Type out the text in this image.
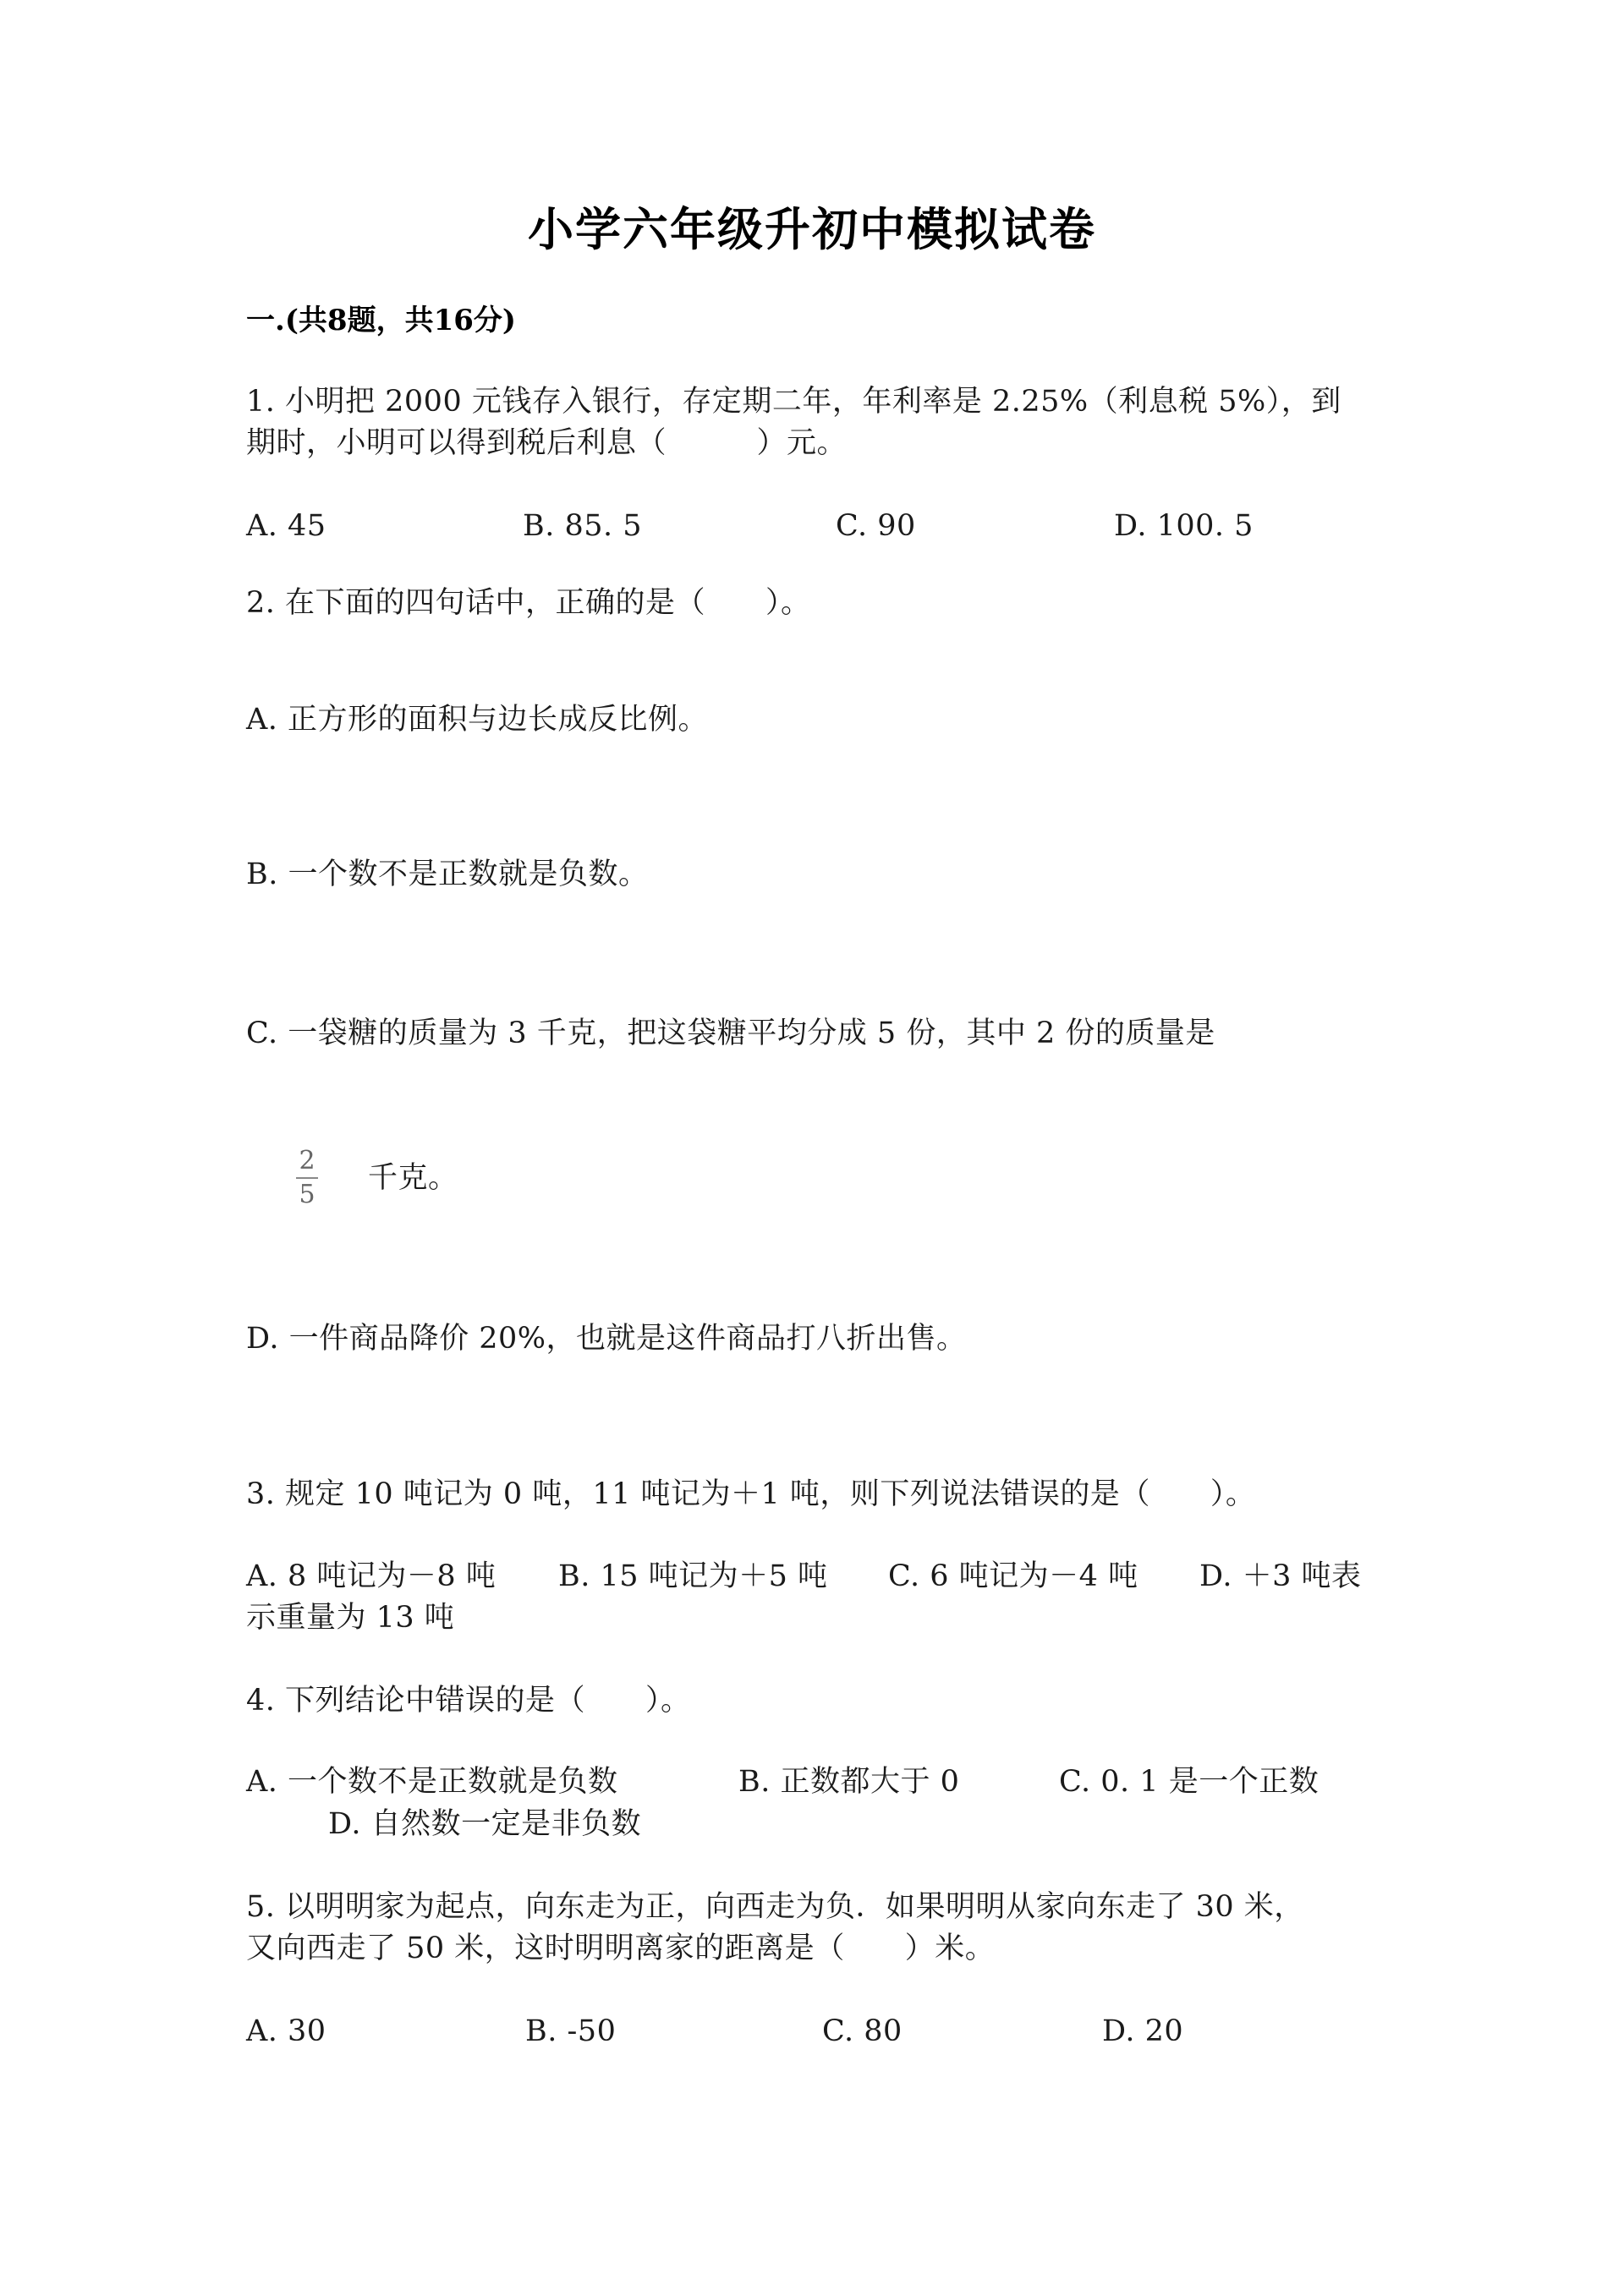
小学六年级升初中模拟试卷
一.(共8题，共16分)
1. 小明把 2000 元钱存入银行，存定期二年，年利率是 2.25%（利息税 5%），到
期时，小明可以得到税后利息（　　　）元。
A. 45	B. 85. 5	C. 90	D. 100. 5
2. 在下面的四句话中，正确的是（　　）。
A. 正方形的面积与边长成反比例。
B. 一个数不是正数就是负数。
C. 一袋糖的质量为 3 千克，把这袋糖平均分成 5 份，其中 2 份的质量是
2
5 千克。
D. 一件商品降价 20%，也就是这件商品打八折出售。
3. 规定 10 吨记为 0 吨，11 吨记为＋1 吨，则下列说法错误的是（　　）。
A. 8 吨记为－8 吨 B. 15 吨记为＋5 吨 C. 6 吨记为－4 吨 D. ＋3 吨表
示重量为 13 吨
4. 下列结论中错误的是（　　）。
A. 一个数不是正数就是负数	B. 正数都大于 0	C. 0. 1 是一个正数
D. 自然数一定是非负数
5. 以明明家为起点，向东走为正，向西走为负．如果明明从家向东走了 30 米，
又向西走了 50 米，这时明明离家的距离是（　　）米。
A. 30	B. -50	C. 80	D. 20
